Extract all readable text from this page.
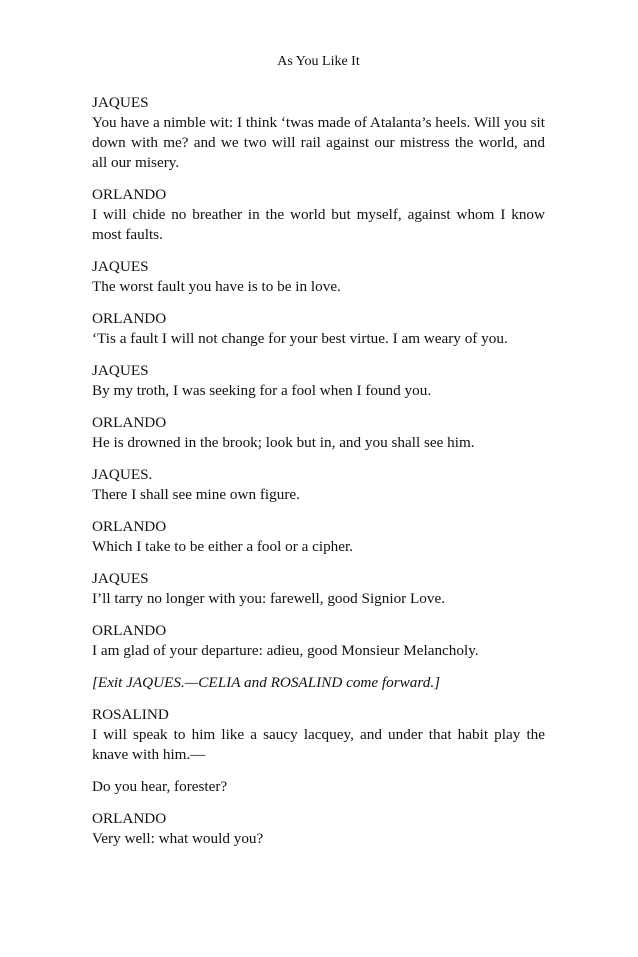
As You Like It
JAQUES
You have a nimble wit: I think ‘twas made of Atalanta’s heels. Will you sit down with me? and we two will rail against our mistress the world, and all our misery.
ORLANDO
I will chide no breather in the world but myself, against whom I know most faults.
JAQUES
The worst fault you have is to be in love.
ORLANDO
‘Tis a fault I will not change for your best virtue. I am weary of you.
JAQUES
By my troth, I was seeking for a fool when I found you.
ORLANDO
He is drowned in the brook; look but in, and you shall see him.
JAQUES.
There I shall see mine own figure.
ORLANDO
Which I take to be either a fool or a cipher.
JAQUES
I’ll tarry no longer with you: farewell, good Signior Love.
ORLANDO
I am glad of your departure: adieu, good Monsieur Melancholy.
[Exit JAQUES.—CELIA and ROSALIND come forward.]
ROSALIND
I will speak to him like a saucy lacquey, and under that habit play the knave with him.—
Do you hear, forester?
ORLANDO
Very well: what would you?
